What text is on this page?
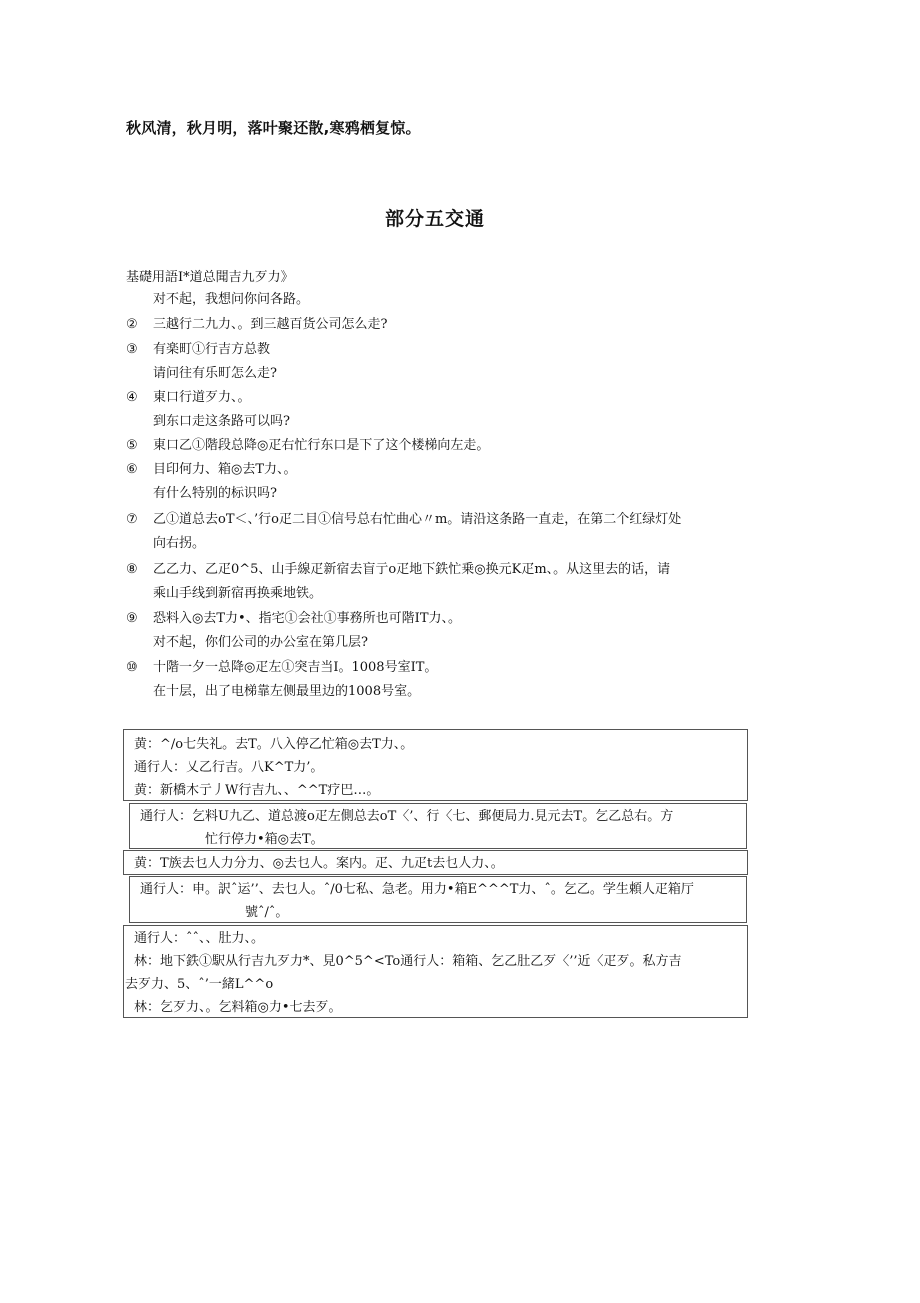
秋风清，秋月明，落叶聚还散,寒鸦栖复惊。
部分五交通
基礎用語I*道总聞吉九歹力》
对不起，我想问你问各路。
②	三越行二九力、。到三越百货公司怎么走?
③	有楽町①行吉方总教
请问往有乐町怎么走?
④	東口行道歹力、。
到东口走这条路可以吗?
⑤	東口乙①階段总降◎疋右忙行东口是下了这个楼梯向左走。
⑥	目印何力、箱◎去T力、。
有什么特别的标识吗?
⑦	乙①道总去oT＜、’行o疋二目①信号总右忙曲心〃m。请沿这条路一直走，在第二个红绿灯处
向右拐。
⑧	乙乙力、乙疋0^5、山手線疋新宿去盲亍o疋地下鉄忙乗◎换元K疋m、。从这里去的话，请
乘山手线到新宿再换乘地铁。
⑨	恐料入◎去T力•、指宅①会社①事務所也可階IT力、。
对不起，你们公司的办公室在第几层?
⑩	十階一夕一总降◎疋左①突吉当I。1008号室IT。
在十层，出了电梯靠左侧最里边的1008号室。
黄：^/o七失礼。去T。八入停乙忙箱◎去T力、。
通行人：乂乙行吉。八K^T力’。
黄：新橋木亍丿W行吉九、、^^T疗巴…。
通行人：乞料U九乙、道总渡o疋左側总去oT〈’、行〈七、郵便局力.見元去T。乞乙总右。方
忙行停力•箱◎去T。
黄：T族去乜人力分力、◎去乜人。案内。疋、九疋t去乜人力、。
通行人：申。訳ˆ运’’、去乜人。ˆ/0七私、急老。用力•箱E^^^T力、ˆ。乞乙。学生頼人疋箱厅
號ˆ/ˆ。
通行人：ˆˆ、、肚力、。
林：地下鉄①駅从行吉九歹力*、見0^5^<To通行人：箱箱、乞乙肚乙歹〈’’近〈疋歹。私方吉
去歹力、5、ˆ’一緒L^^o
林：乞歹力、。乞料箱◎力•七去歹。
